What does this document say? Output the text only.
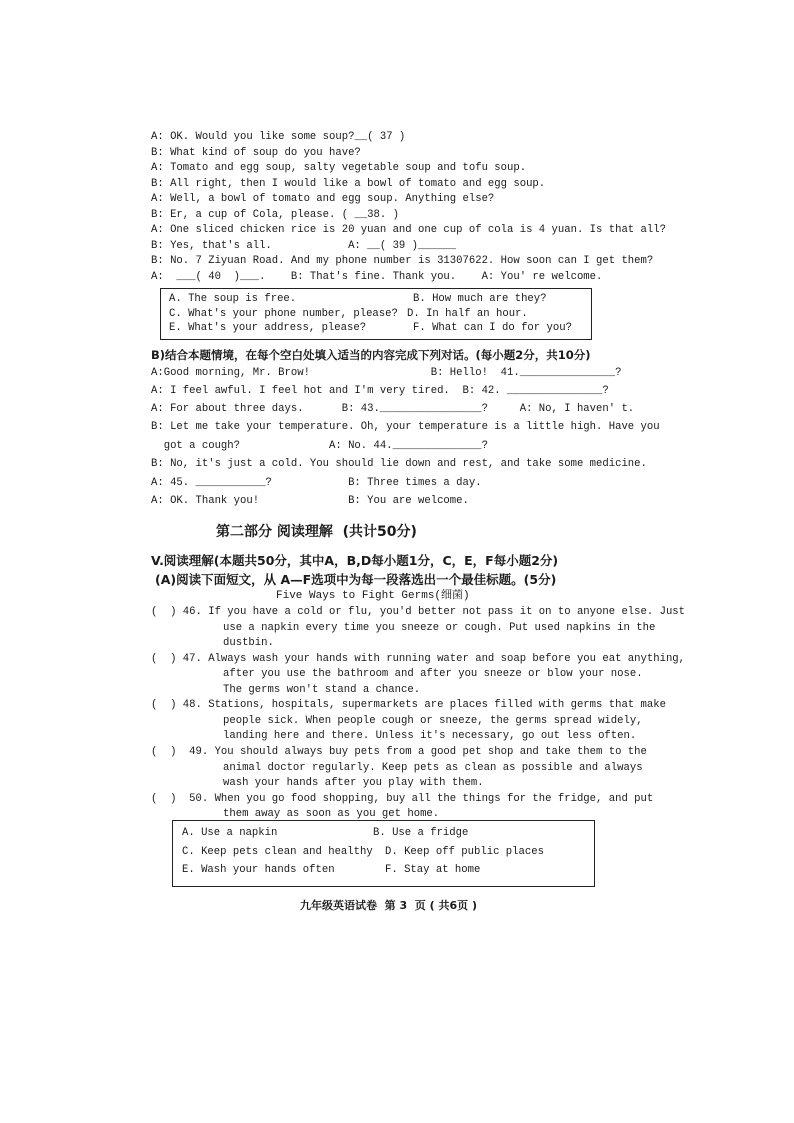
A: OK. Would you like some soup?__( 37 )
B: What kind of soup do you have?
A: Tomato and egg soup, salty vegetable soup and tofu soup.
B: All right, then I would like a bowl of tomato and egg soup.
A: Well, a bowl of tomato and egg soup. Anything else?
B: Er, a cup of Cola, please. ( __38. )
A: One sliced chicken rice is 20 yuan and one cup of cola is 4 yuan. Is that all?
B: Yes, that's all.            A: __( 39 )______
B: No. 7 Ziyuan Road. And my phone number is 31307622. How soon can I get them?
A:  ___( 40  )___.    B: That's fine. Thank you.    A: You' re welcome.
A. The soup is free.	B. How much are they?
C. What's your phone number, please? D. In half an hour.
E. What's your address, please?	F. What can I do for you?
B)结合本题情境，在每个空白处填入适当的内容完成下列对话。(每小题2分，共10分)
A:Good morning, Mr. Brow!                   B: Hello!  41._______________?
A: I feel awful. I feel hot and I'm very tired.  B: 42. _______________?
A: For about three days.      B: 43.________________?     A: No, I haven' t.
B: Let me take your temperature. Oh, your temperature is a little high. Have you
got a cough?              A: No. 44.______________?
B: No, it's just a cold. You should lie down and rest, and take some medicine.
A: 45. ___________?            B: Three times a day.
A: OK. Thank you!              B: You are welcome.
第二部分 阅读理解  (共计50分)
V.阅读理解(本题共50分，其中A，B,D每小题1分，C，E，F每小题2分)
(A)阅读下面短文，从 A—F选项中为每一段落选出一个最佳标题。(5分)
Five Ways to Fight Germs(细菌)
(  ) 46. If you have a cold or flu, you'd better not pass it on to anyone else. Just
use a napkin every time you sneeze or cough. Put used napkins in the
dustbin.
(  ) 47. Always wash your hands with running water and soap before you eat anything,
after you use the bathroom and after you sneeze or blow your nose.
The germs won't stand a chance.
(  ) 48. Stations, hospitals, supermarkets are places filled with germs that make
people sick. When people cough or sneeze, the germs spread widely,
landing here and there. Unless it's necessary, go out less often.
(  )  49. You should always buy pets from a good pet shop and take them to the
animal doctor regularly. Keep pets as clean as possible and always
wash your hands after you play with them.
(  )  50. When you go food shopping, buy all the things for the fridge, and put
them away as soon as you get home.
A. Use a napkin	B. Use a fridge
C. Keep pets clean and healthy D. Keep off public places
E. Wash your hands often	F. Stay at home
九年级英语试卷  第 3  页 ( 共6页 )
